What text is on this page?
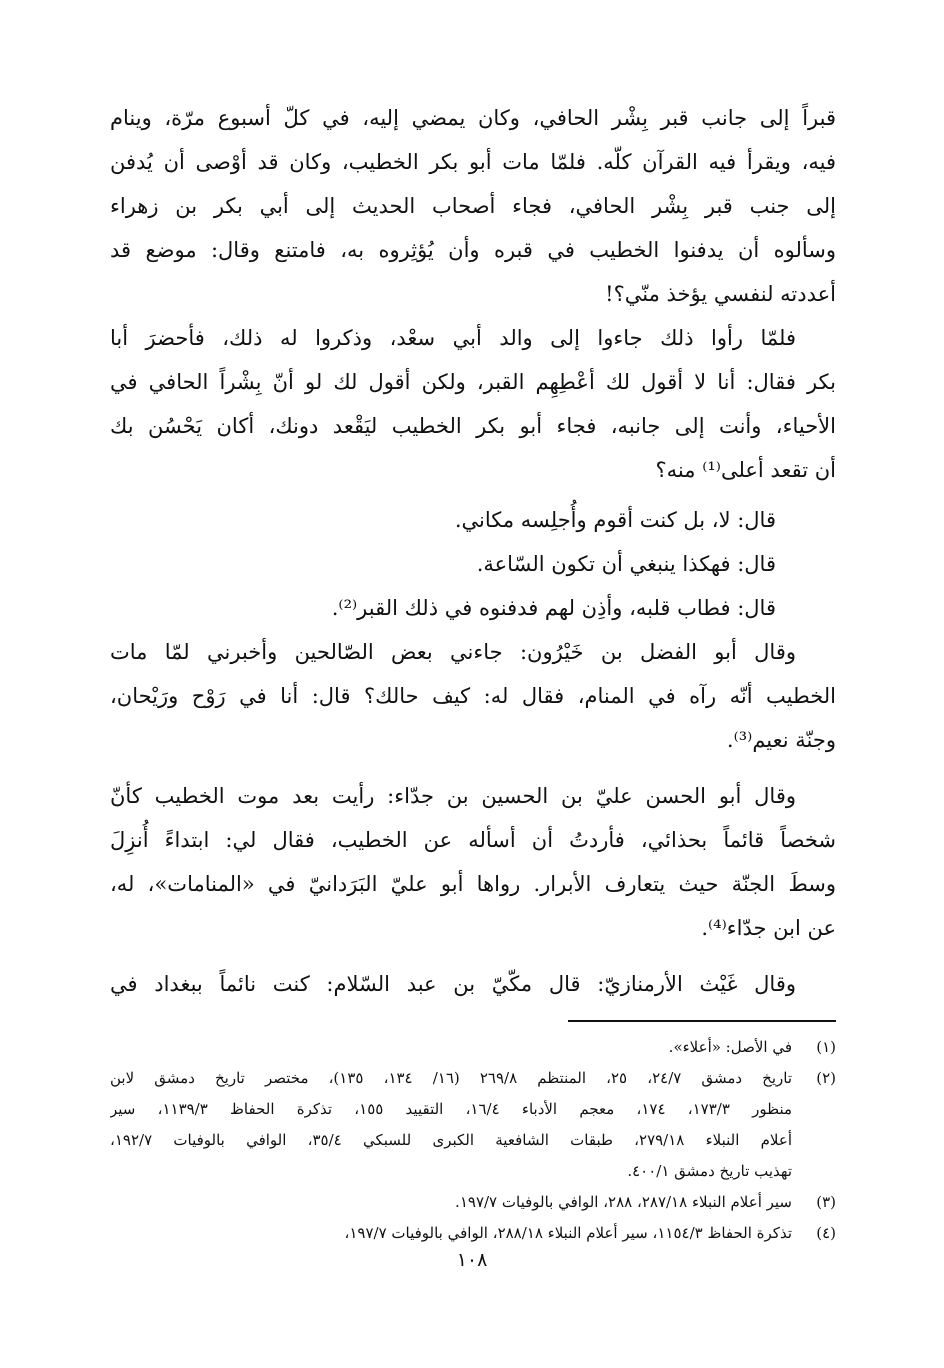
قبراً إلى جانب قبر بِشْر الحافي، وكان يمضي إليه، في كلّ أسبوع مرّة، وينام
فيه، ويقرأ فيه القرآن كلّه. فلمّا مات أبو بكر الخطيب، وكان قد أوْصى أن يُدفن
إلى جنب قبر بِشْر الحافي، فجاء أصحاب الحديث إلى أبي بكر بن زهراء
وسألوه أن يدفنوا الخطيب في قبره وأن يُؤثِروه به، فامتنع وقال: موضع قد
أعددته لنفسي يؤخذ منّي؟!
فلمّا رأوا ذلك جاءوا إلى والد أبي سعْد، وذكروا له ذلك، فأحضرَ أبا
بكر فقال: أنا لا أقول لك أعْطِهِم القبر، ولكن أقول لك لو أنّ بِشْراً الحافي في
الأحياء، وأنت إلى جانبه، فجاء أبو بكر الخطيب ليَقْعد دونك، أكان يَحْسُن بك
أن تقعد أعلى⁽¹⁾ منه؟
قال: لا، بل كنت أقوم وأُجلِسه مكاني.
قال: فهكذا ينبغي أن تكون السّاعة.
قال: فطاب قلبه، وأذِن لهم فدفنوه في ذلك القبر⁽²⁾.
وقال أبو الفضل بن خَيْرُون: جاءني بعض الصّالحين وأخبرني لمّا مات
الخطيب أنّه رآه في المنام، فقال له: كيف حالك؟ قال: أنا في رَوْح ورَيْحان،
وجنّة نعيم⁽³⁾.
وقال أبو الحسن عليّ بن الحسين بن جدّاء: رأيت بعد موت الخطيب كأنّ
شخصاً قائماً بحذائي، فأردتُ أن أسأله عن الخطيب، فقال لي: ابتداءً أُنزِلَ
وسطَ الجنّة حيث يتعارف الأبرار. رواها أبو عليّ البَرَدانيّ في «المنامات»، له،
عن ابن جدّاء⁽⁴⁾.
وقال غَيْث الأرمنازيّ: قال مكّيّ بن عبد السّلام: كنت نائماً ببغداد في
(١)
في الأصل: «أعلاء».
(٢)
تاريخ دمشق ٢٤/٧، ٢٥، المنتظم ٢٦٩/٨ (١٦/ ١٣٤، ١٣٥)، مختصر تاريخ دمشق لابن
منظور ١٧٣/٣، ١٧٤، معجم الأدباء ١٦/٤، التقييد ١٥٥، تذكرة الحفاظ ١١٣٩/٣، سير
أعلام النبلاء ٢٧٩/١٨، طبقات الشافعية الكبرى للسبكي ٣٥/٤، الوافي بالوفيات ١٩٢/٧،
تهذيب تاريخ دمشق ٤٠٠/١.
(٣)
سير أعلام النبلاء ٢٨٧/١٨، ٢٨٨، الوافي بالوفيات ١٩٧/٧.
(٤)
تذكرة الحفاظ ١١٥٤/٣، سير أعلام النبلاء ٢٨٨/١٨، الوافي بالوفيات ١٩٧/٧،
١٠٨
